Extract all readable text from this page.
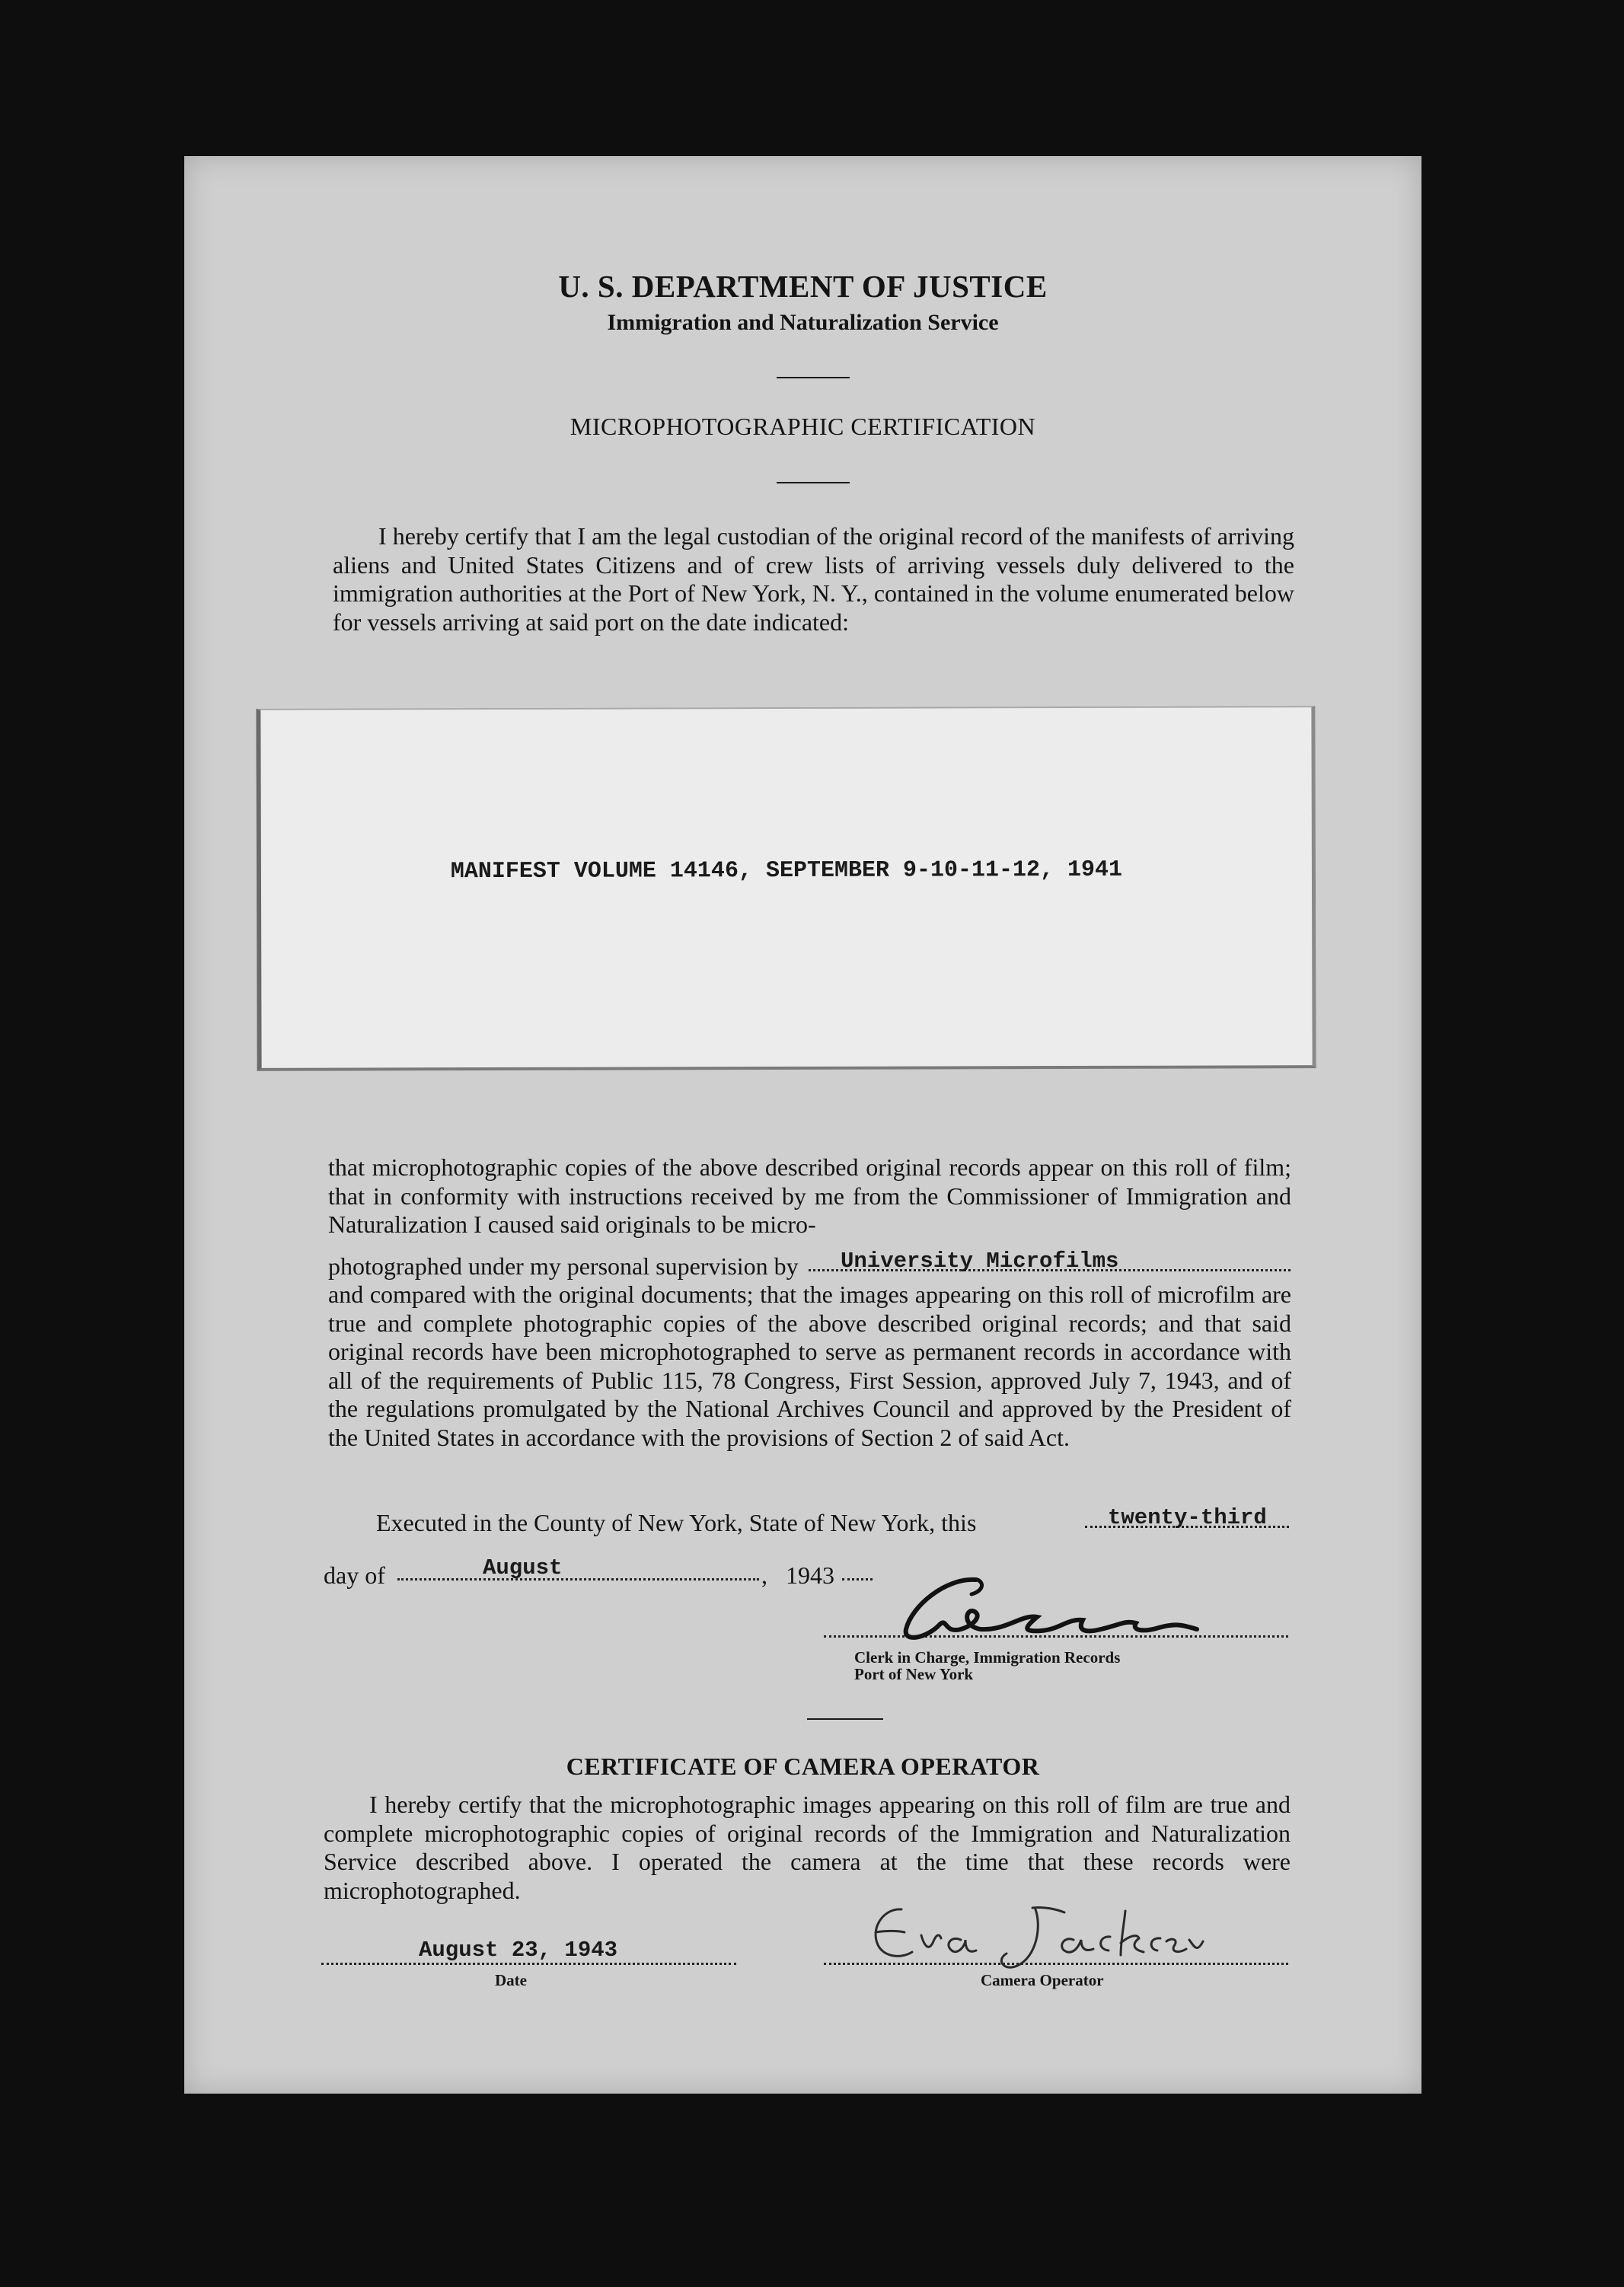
U. S. DEPARTMENT OF JUSTICE
Immigration and Naturalization Service
MICROPHOTOGRAPHIC CERTIFICATION
I hereby certify that I am the legal custodian of the original record of the manifests of arriving aliens and United States Citizens and of crew lists of arriving vessels duly delivered to the immigration authorities at the Port of New York, N. Y., contained in the volume enumerated below for vessels arriving at said port on the date indicated:
MANIFEST VOLUME 14146, SEPTEMBER 9-10-11-12, 1941
that microphotographic copies of the above described original records appear on this roll of film; that in conformity with instructions received by me from the Commissioner of Immigration and Naturalization I caused said originals to be micro-
photographed under my personal supervision by University Microfilms
and compared with the original documents; that the images appearing on this roll of microfilm are true and complete photographic copies of the above described original records; and that said original records have been microphotographed to serve as permanent records in accordance with all of the requirements of Public 115, 78 Congress, First Session, approved July 7, 1943, and of the regulations promulgated by the National Archives Council and approved by the President of the United States in accordance with the provisions of Section 2 of said Act.
Executed in the County of New York, State of New York, this	twenty-third
day of	August	, 1943
Clerk in Charge, Immigration Records
Port of New York
CERTIFICATE OF CAMERA OPERATOR
I hereby certify that the microphotographic images appearing on this roll of film are true and complete microphotographic copies of original records of the Immigration and Naturalization Service described above. I operated the camera at the time that these records were microphotographed.
August 23, 1943
Date
Eva Jackson
Camera Operator
